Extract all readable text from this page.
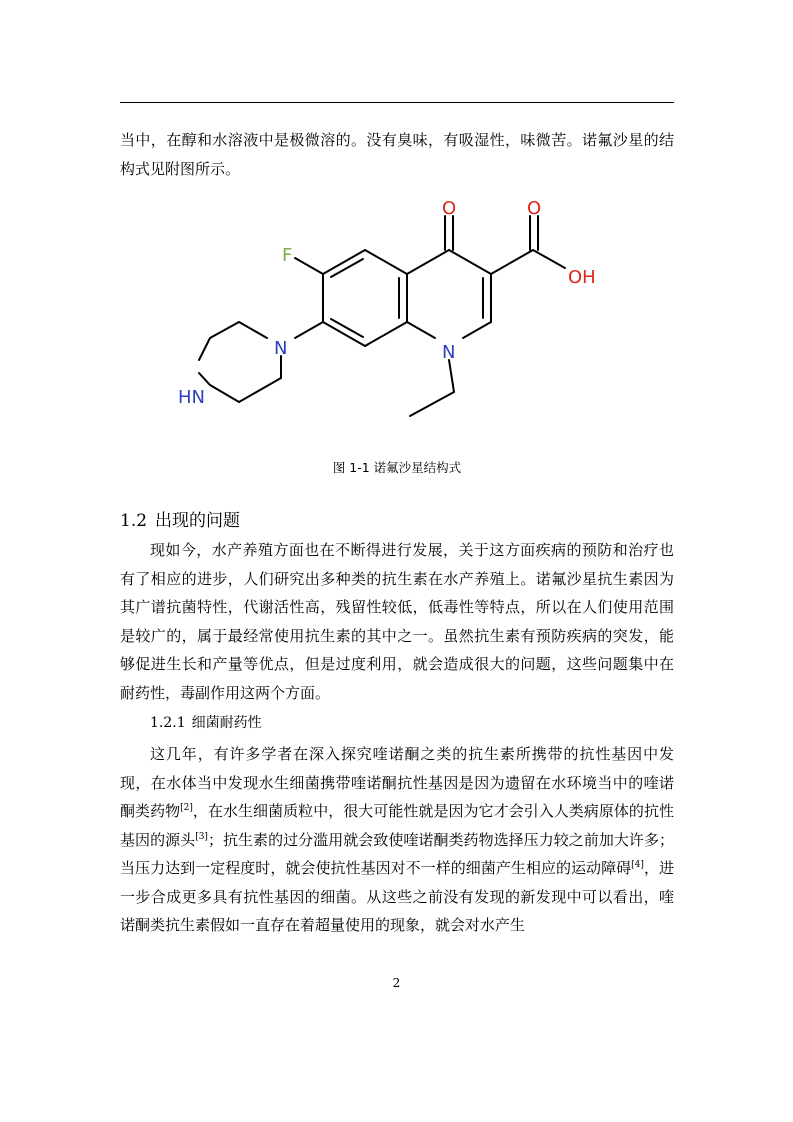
当中，在醇和水溶液中是极微溶的。没有臭味，有吸湿性，味微苦。诺氟沙星的结构式见附图所示。

F
O	O
OH
N
N
HN
图 1-1 诺氟沙星结构式
1.2 出现的问题

现如今，水产养殖方面也在不断得进行发展，关于这方面疾病的预防和治疗也有了相应的进步，人们研究出多种类的抗生素在水产养殖上。诺氟沙星抗生素因为其广谱抗菌特性，代谢活性高，残留性较低，低毒性等特点，所以在人们使用范围是较广的，属于最经常使用抗生素的其中之一。虽然抗生素有预防疾病的突发，能够促进生长和产量等优点，但是过度利用，就会造成很大的问题，这些问题集中在耐药性，毒副作用这两个方面。

1.2.1 细菌耐药性

这几年，有许多学者在深入探究喹诺酮之类的抗生素所携带的抗性基因中发现，在水体当中发现水生细菌携带喹诺酮抗性基因是因为遗留在水环境当中的喹诺酮类药物[2]，在水生细菌质粒中，很大可能性就是因为它才会引入人类病原体的抗性基因的源头[3]；抗生素的过分滥用就会致使喹诺酮类药物选择压力较之前加大许多；当压力达到一定程度时，就会使抗性基因对不一样的细菌产生相应的运动障碍[4]，进一步合成更多具有抗性基因的细菌。从这些之前没有发现的新发现中可以看出，喹诺酮类抗生素假如一直存在着超量使用的现象，就会对水产生

2
